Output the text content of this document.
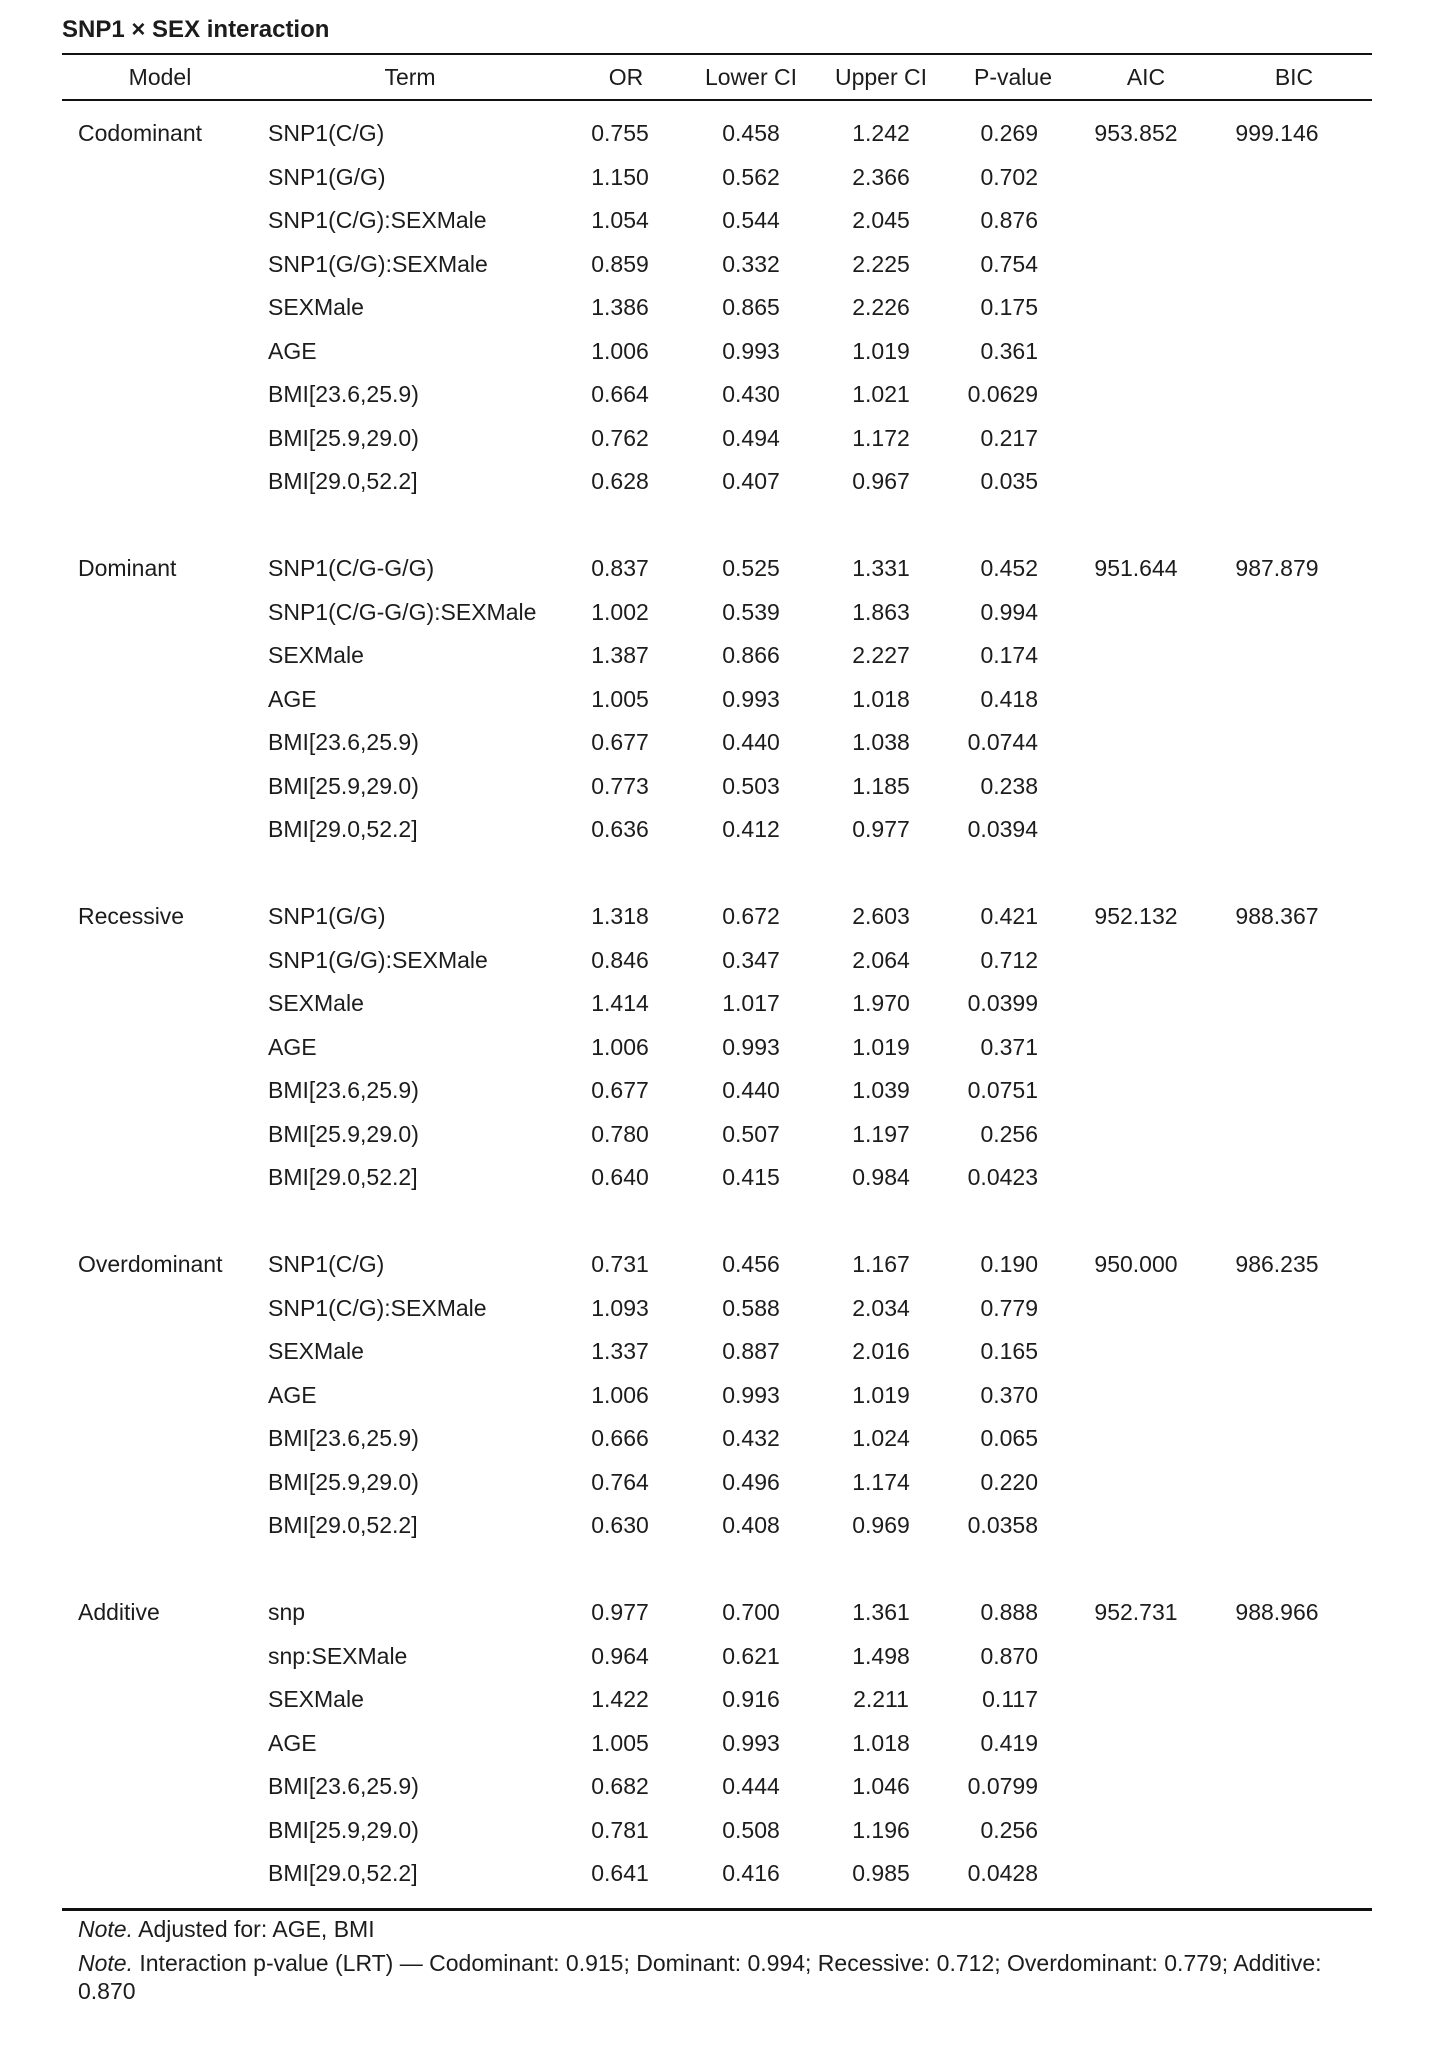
SNP1 × SEX interaction
Model	Term	OR	Lower CI	Upper CI	P-value	AIC	BIC

Codominant	SNP1(C/G)	0.755	0.458	1.242	0.269	953.852	999.146
	SNP1(G/G)	1.150	0.562	2.366	0.702		
	SNP1(C/G):SEXMale	1.054	0.544	2.045	0.876		
	SNP1(G/G):SEXMale	0.859	0.332	2.225	0.754		
	SEXMale	1.386	0.865	2.226	0.175		
	AGE	1.006	0.993	1.019	0.361		
	BMI[23.6,25.9)	0.664	0.430	1.021	0.0629		
	BMI[25.9,29.0)	0.762	0.494	1.172	0.217		
	BMI[29.0,52.2]	0.628	0.407	0.967	0.035		

Dominant	SNP1(C/G-G/G)	0.837	0.525	1.331	0.452	951.644	987.879
	SNP1(C/G-G/G):SEXMale	1.002	0.539	1.863	0.994		
	SEXMale	1.387	0.866	2.227	0.174		
	AGE	1.005	0.993	1.018	0.418		
	BMI[23.6,25.9)	0.677	0.440	1.038	0.0744		
	BMI[25.9,29.0)	0.773	0.503	1.185	0.238		
	BMI[29.0,52.2]	0.636	0.412	0.977	0.0394		

Recessive	SNP1(G/G)	1.318	0.672	2.603	0.421	952.132	988.367
	SNP1(G/G):SEXMale	0.846	0.347	2.064	0.712		
	SEXMale	1.414	1.017	1.970	0.0399		
	AGE	1.006	0.993	1.019	0.371		
	BMI[23.6,25.9)	0.677	0.440	1.039	0.0751		
	BMI[25.9,29.0)	0.780	0.507	1.197	0.256		
	BMI[29.0,52.2]	0.640	0.415	0.984	0.0423		

Overdominant	SNP1(C/G)	0.731	0.456	1.167	0.190	950.000	986.235
	SNP1(C/G):SEXMale	1.093	0.588	2.034	0.779		
	SEXMale	1.337	0.887	2.016	0.165		
	AGE	1.006	0.993	1.019	0.370		
	BMI[23.6,25.9)	0.666	0.432	1.024	0.065		
	BMI[25.9,29.0)	0.764	0.496	1.174	0.220		
	BMI[29.0,52.2]	0.630	0.408	0.969	0.0358		

Additive	snp	0.977	0.700	1.361	0.888	952.731	988.966
	snp:SEXMale	0.964	0.621	1.498	0.870		
	SEXMale	1.422	0.916	2.211	0.117		
	AGE	1.005	0.993	1.018	0.419		
	BMI[23.6,25.9)	0.682	0.444	1.046	0.0799		
	BMI[25.9,29.0)	0.781	0.508	1.196	0.256		
	BMI[29.0,52.2]	0.641	0.416	0.985	0.0428		

Note. Adjusted for: AGE, BMI

Note. Interaction p-value (LRT) — Codominant: 0.915; Dominant: 0.994; Recessive: 0.712; Overdominant: 0.779; Additive: 0.870
